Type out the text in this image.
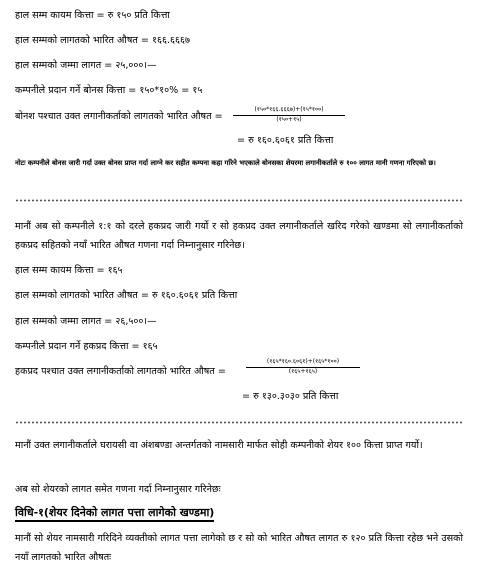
हाल सम्म कायम कित्ता = रु १५० प्रति कित्ता
हाल सम्मको लागतको भारित औषत = १६६.६६६७
हाल सम्मको जम्मा लागत = २५,०००।—
कम्पनीले प्रदान गर्ने बोनस कित्ता = १५०*१०% = १५
बोनश पश्चात उक्त लगानीकर्ताको लागतको भारित औषत =
(१५०*१६६.६६६७)+(१५*१००)
(१५०+१५)
= रु १६०.६०६१ प्रति कित्ता
नोटः कम्पनीले बोनस जारी गर्दा उक्त बोनस प्राप्त गर्दा लाग्ने कर सहीत कम्पना कहा गरिने भएकाले बोनसका शेयरमा लगानीकर्ताले रु १०० लागत मानी गणना गरिएको छ।
मानौं अब सो कम्पनीले १:१ को दरले हकप्रद जारी गर्यो र सो हकप्रद उक्त लगानीकर्ताले खरिद गरेको खण्डमा सो लगानीकर्ताको हकप्रद सहितको नयाँ भारित औषत गणना गर्दा निम्नानुसार गरिनेछ।
हाल सम्म कायम कित्ता = १६५
हाल सम्मको लागतको भारित औषत = रु १६०.६०६१ प्रति कित्ता
हाल सम्मको जम्मा लागत = २६,५००।—
कम्पनीले प्रदान गर्ने हकप्रद कित्ता = १६५
हकप्रद पश्चात उक्त लगानीकर्ताको लागतको भारित औषत =
(१६५*१६०.६०६१)+(१६५*१००)
(१६५+१६५)
= रु १३०.३०३० प्रति कित्ता
मानौं उक्त लगानीकर्ताले घरायसी वा अंशबण्डा अन्तर्गतको नामसारी मार्फत सोही कम्पनीको शेयर १०० कित्ता प्राप्त गर्यो।
अब सो शेयरको लागत समेत गणना गर्दा निम्नानुसार गरिनेछः
विधि-१(शेयर दिनेको लागत पत्ता लागेको खण्डमा)
मानौं सो शेयर नामसारी गरिदिने व्यक्तीको लागत पत्ता लागेको छ र सो को भारित औषत लागत रु १२० प्रति कित्ता रहेछ भने उसको नयाँ लागतको भारित औषतः
